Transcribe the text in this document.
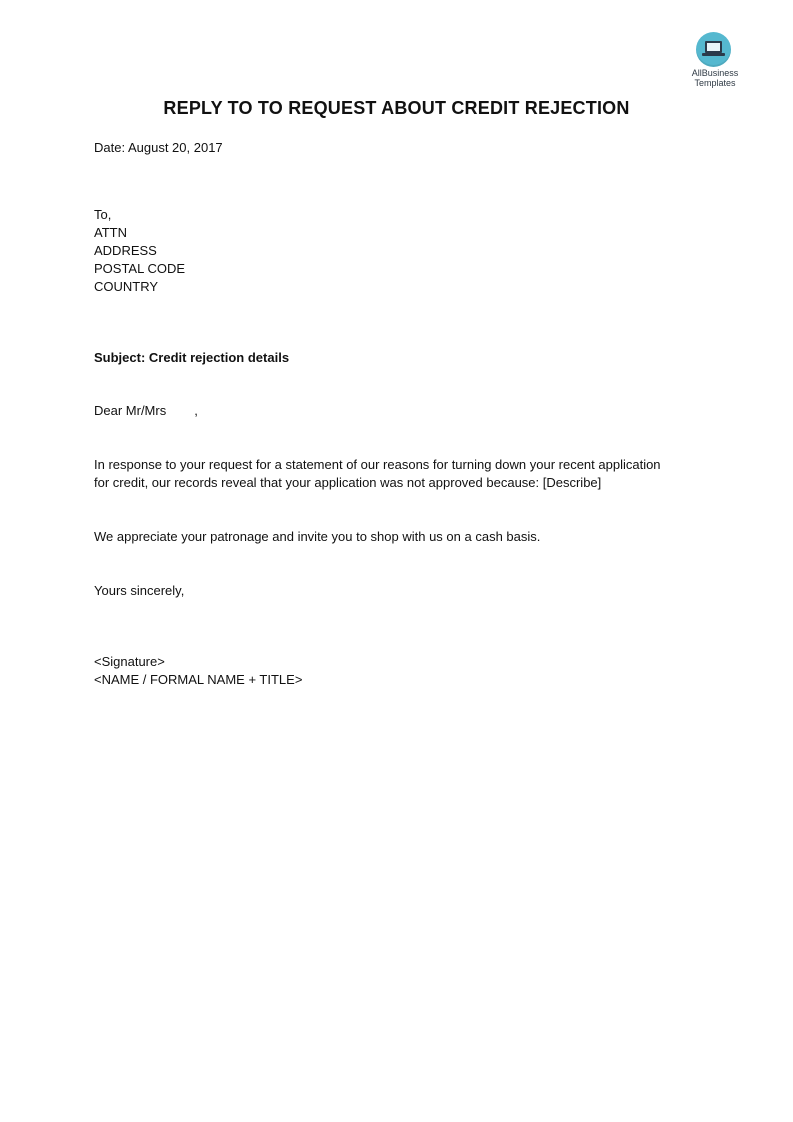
AllBusiness
Templates
REPLY TO TO REQUEST ABOUT CREDIT REJECTION
Date: August 20, 2017
To,
ATTN
ADDRESS
POSTAL CODE
COUNTRY
Subject: Credit rejection details
Dear Mr/Mrs ,
In response to your request for a statement of our reasons for turning down your recent application
for credit, our records reveal that your application was not approved because: [Describe]
We appreciate your patronage and invite you to shop with us on a cash basis.
Yours sincerely,
<Signature>
<NAME / FORMAL NAME + TITLE>
